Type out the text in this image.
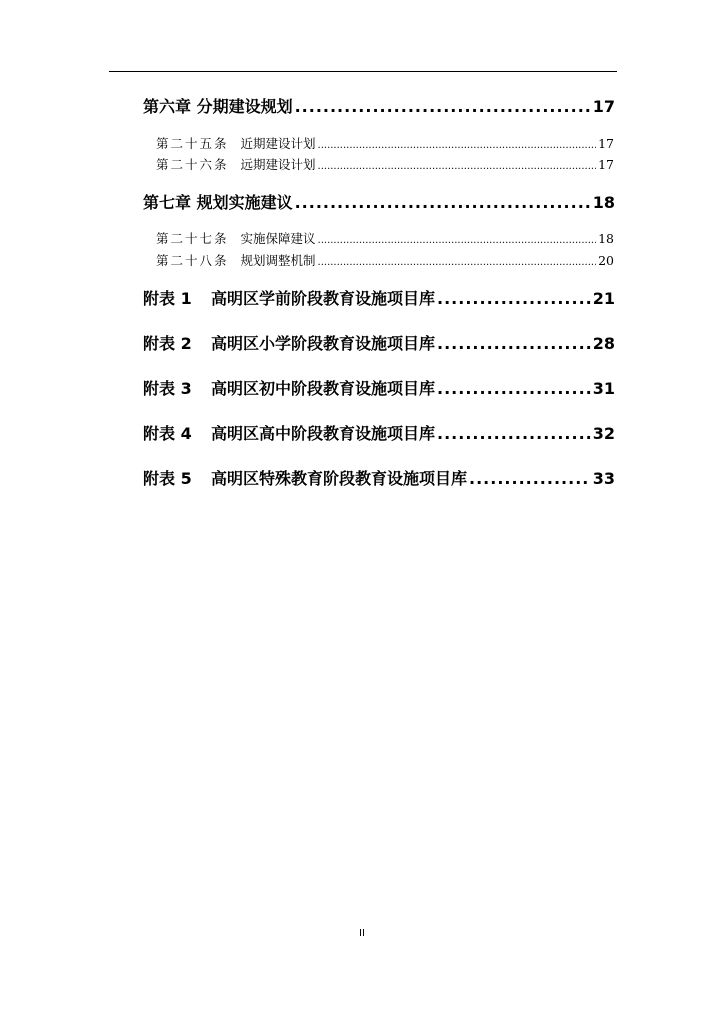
第六章 分期建设规划 .....	17
第二十五条 近期建设计划 .....	17
第二十六条 远期建设计划 .....	17
第七章 规划实施建议 .....	18
第二十七条 实施保障建议 .....	18
第二十八条 规划调整机制 .....	20
附表 1 高明区学前阶段教育设施项目库 .....	21
附表 2 高明区小学阶段教育设施项目库 .....	28
附表 3 高明区初中阶段教育设施项目库 .....	31
附表 4 高明区高中阶段教育设施项目库 .....	32
附表 5 高明区特殊教育阶段教育设施项目库 .....	33
II
